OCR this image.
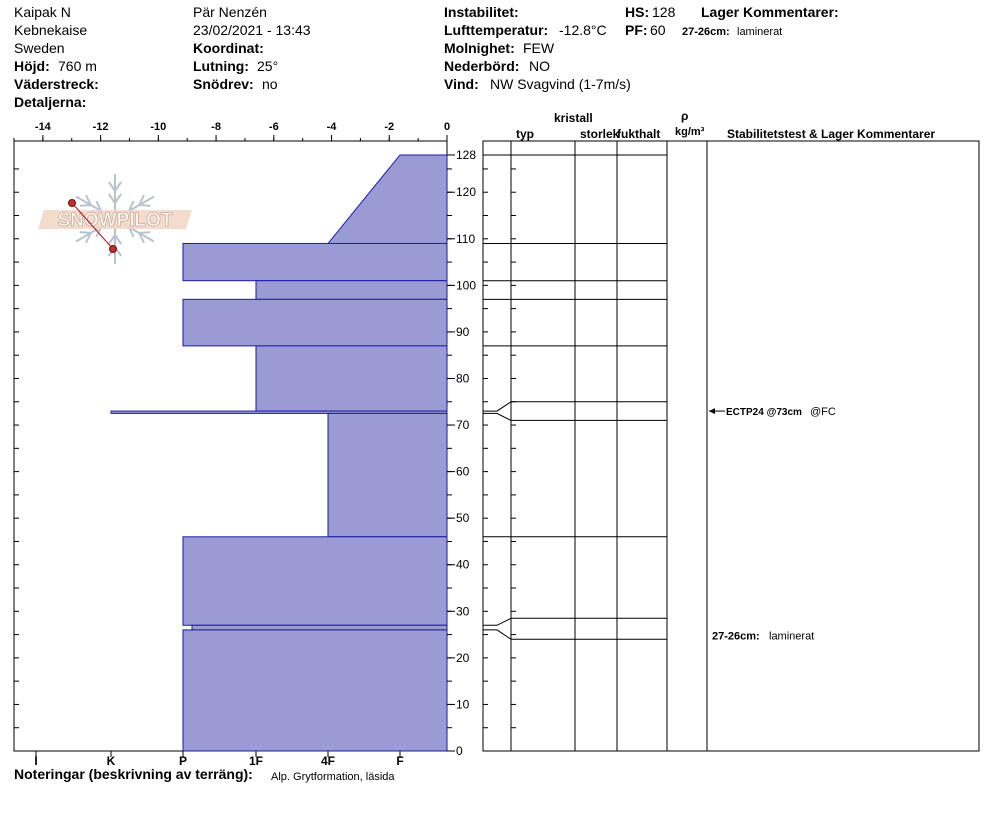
Kaipak N
Kebnekaise
Sweden
Höjd: 760 m
Väderstreck:
Detaljerna:
Pär Nenzén
23/02/2021 - 13:43
Koordinat:
Lutning: 25°
Snödrev: no
Instabilitet:
Lufttemperatur: -12.8°C
Molnighet: FEW
Nederbörd: NO
Vind: NW Svagvind (1-7m/s)
HS: 128
PF: 60
Lager Kommentarer:
27-26cm: laminerat
kristall
typ	storlek
fukthalt
ρ
kg/m³ Stabilitetstest & Lager Kommentarer
Noteringar (beskrivning av terräng): Alp. Grytformation, läsida
-14	-12	-10	-8	-6	-4	-2	0
I	K	P	1F	4F	F
0
10
20
30
40
50
60
70
80
90
100
110
120
128
ECTP24 @73cm @FC
27-26cm: laminerat
SNOWPILOT
